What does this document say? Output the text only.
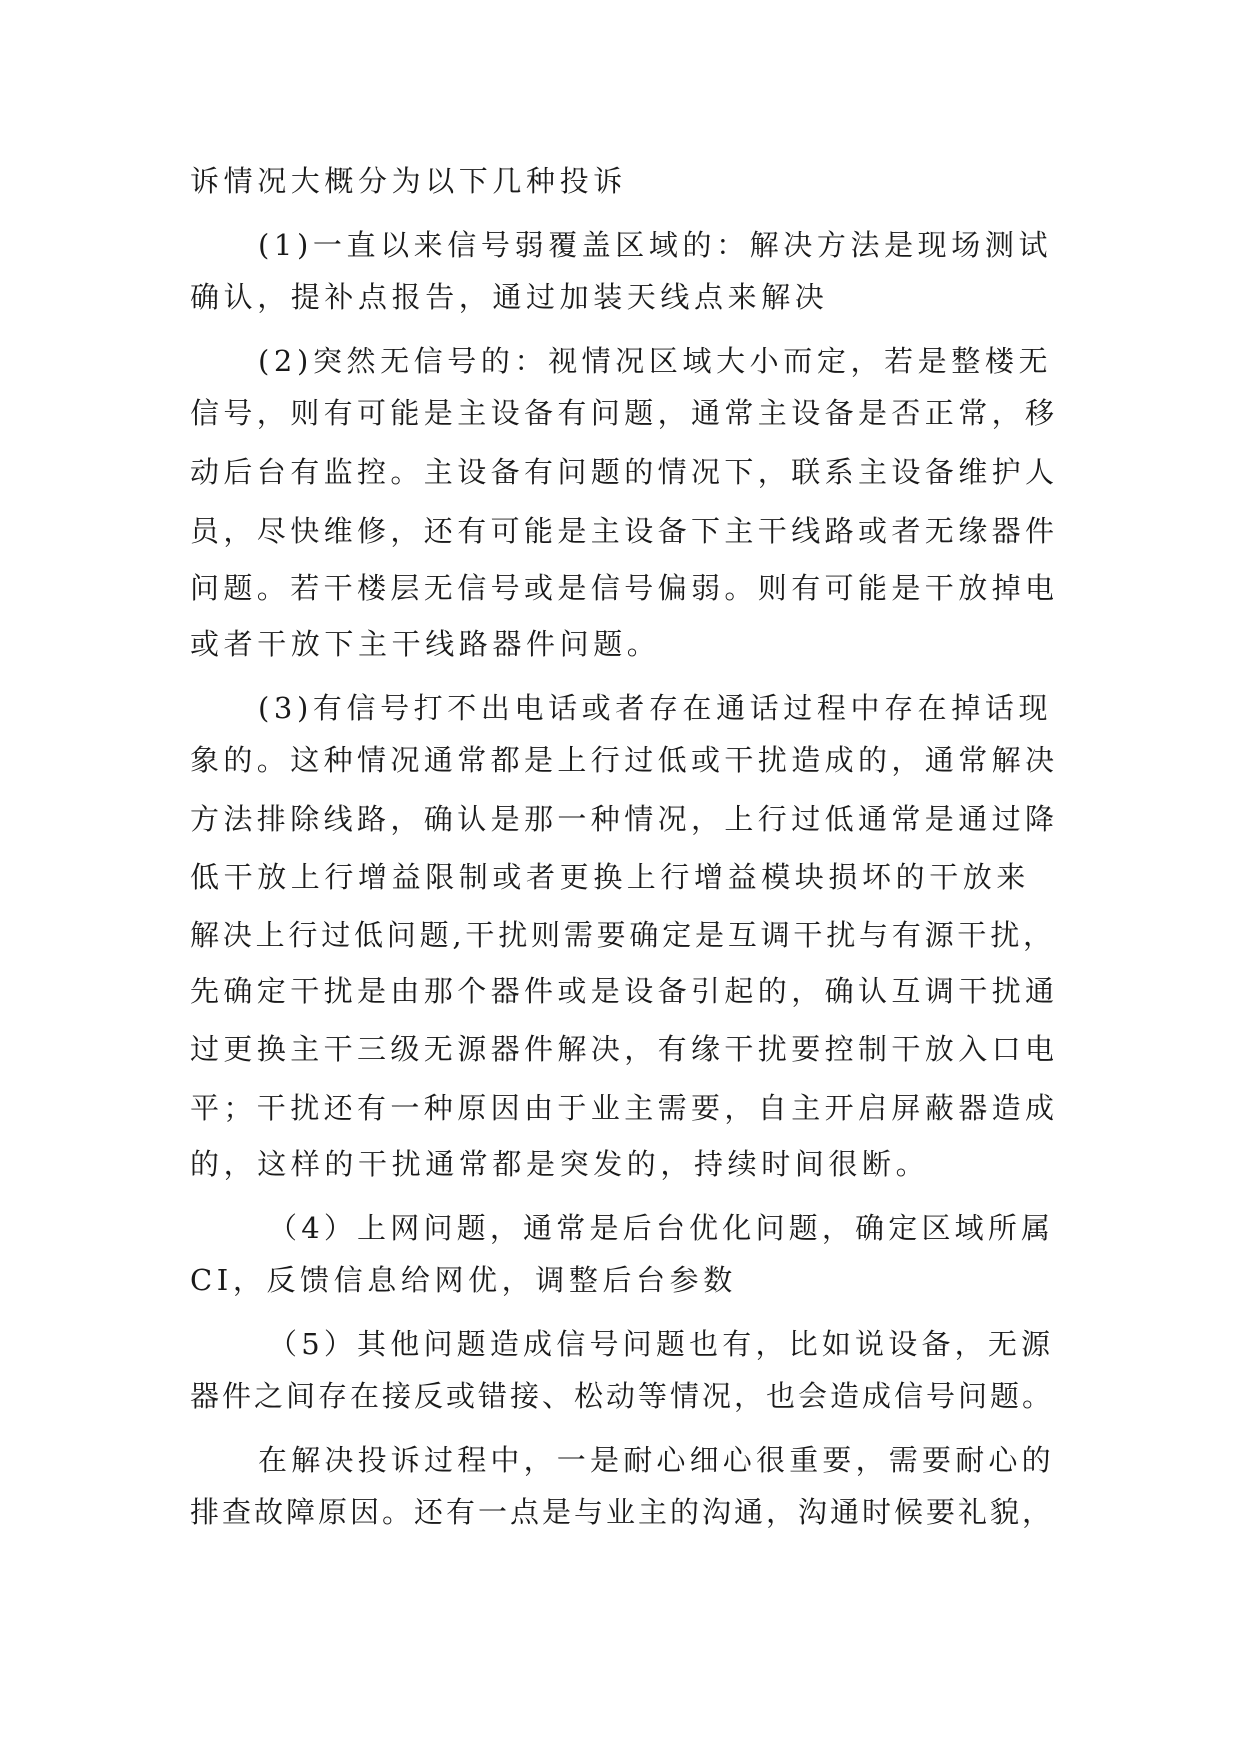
诉情况大概分为以下几种投诉
(1)一直以来信号弱覆盖区域的：解决方法是现场测试
确认，提补点报告，通过加装天线点来解决
(2)突然无信号的：视情况区域大小而定，若是整楼无
信号，则有可能是主设备有问题，通常主设备是否正常，移
动后台有监控。主设备有问题的情况下，联系主设备维护人
员，尽快维修，还有可能是主设备下主干线路或者无缘器件
问题。若干楼层无信号或是信号偏弱。则有可能是干放掉电
或者干放下主干线路器件问题。
(3)有信号打不出电话或者存在通话过程中存在掉话现
象的。这种情况通常都是上行过低或干扰造成的，通常解决
方法排除线路，确认是那一种情况，上行过低通常是通过降
低干放上行增益限制或者更换上行增益模块损坏的干放来
解决上行过低问题,干扰则需要确定是互调干扰与有源干扰，
先确定干扰是由那个器件或是设备引起的，确认互调干扰通
过更换主干三级无源器件解决，有缘干扰要控制干放入口电
平；干扰还有一种原因由于业主需要，自主开启屏蔽器造成
的，这样的干扰通常都是突发的，持续时间很断。
（4）上网问题，通常是后台优化问题，确定区域所属
CI，反馈信息给网优，调整后台参数
（5）其他问题造成信号问题也有，比如说设备，无源
器件之间存在接反或错接、松动等情况，也会造成信号问题。
在解决投诉过程中，一是耐心细心很重要，需要耐心的
排查故障原因。还有一点是与业主的沟通，沟通时候要礼貌，
